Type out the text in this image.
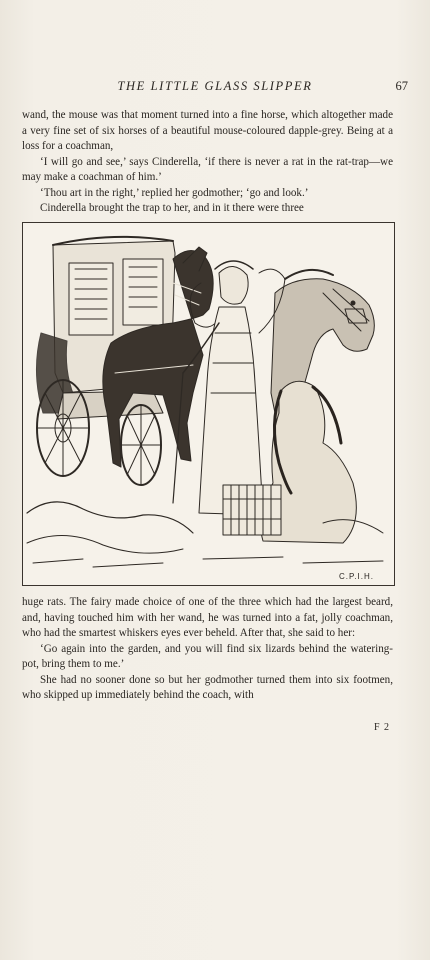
THE LITTLE GLASS SLIPPER	67

wand, the mouse was that moment turned into a fine horse, which altogether made a very fine set of six horses of a beautiful mouse-coloured dapple-grey. Being at a loss for a coachman,

‘I will go and see,’ says Cinderella, ‘if there is never a rat in the rat-trap—we may make a coachman of him.’

‘Thou art in the right,’ replied her godmother; ‘go and look.’

Cinderella brought the trap to her, and in it there were three

C.P.I.H.

huge rats. The fairy made choice of one of the three which had the largest beard, and, having touched him with her wand, he was turned into a fat, jolly coachman, who had the smartest whiskers eyes ever beheld. After that, she said to her:

‘Go again into the garden, and you will find six lizards behind the watering-pot, bring them to me.’

She had no sooner done so but her godmother turned them into six footmen, who skipped up immediately behind the coach, with

F 2
